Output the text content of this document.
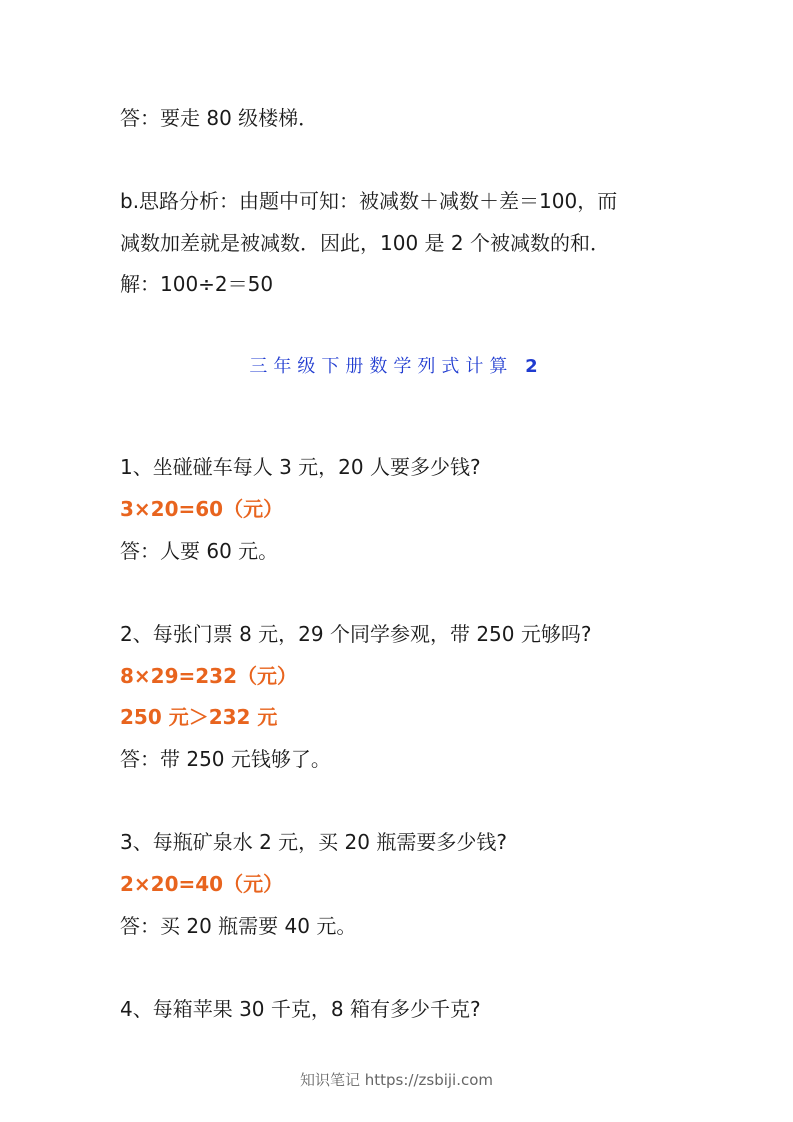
答：要走 80 级楼梯．
b.思路分析：由题中可知：被减数＋减数＋差＝100，而
减数加差就是被减数．因此，100 是 2 个被减数的和．
解：100÷2＝50
三年级下册数学列式计算 2
1、坐碰碰车每人 3 元，20 人要多少钱?
3×20=60（元）
答：人要 60 元。
2、每张门票 8 元，29 个同学参观，带 250 元够吗?
8×29=232（元）
250 元＞232 元
答：带 250 元钱够了。
3、每瓶矿泉水 2 元，买 20 瓶需要多少钱?
2×20=40（元）
答：买 20 瓶需要 40 元。
4、每箱苹果 30 千克，8 箱有多少千克?
知识笔记 https://zsbiji.com
